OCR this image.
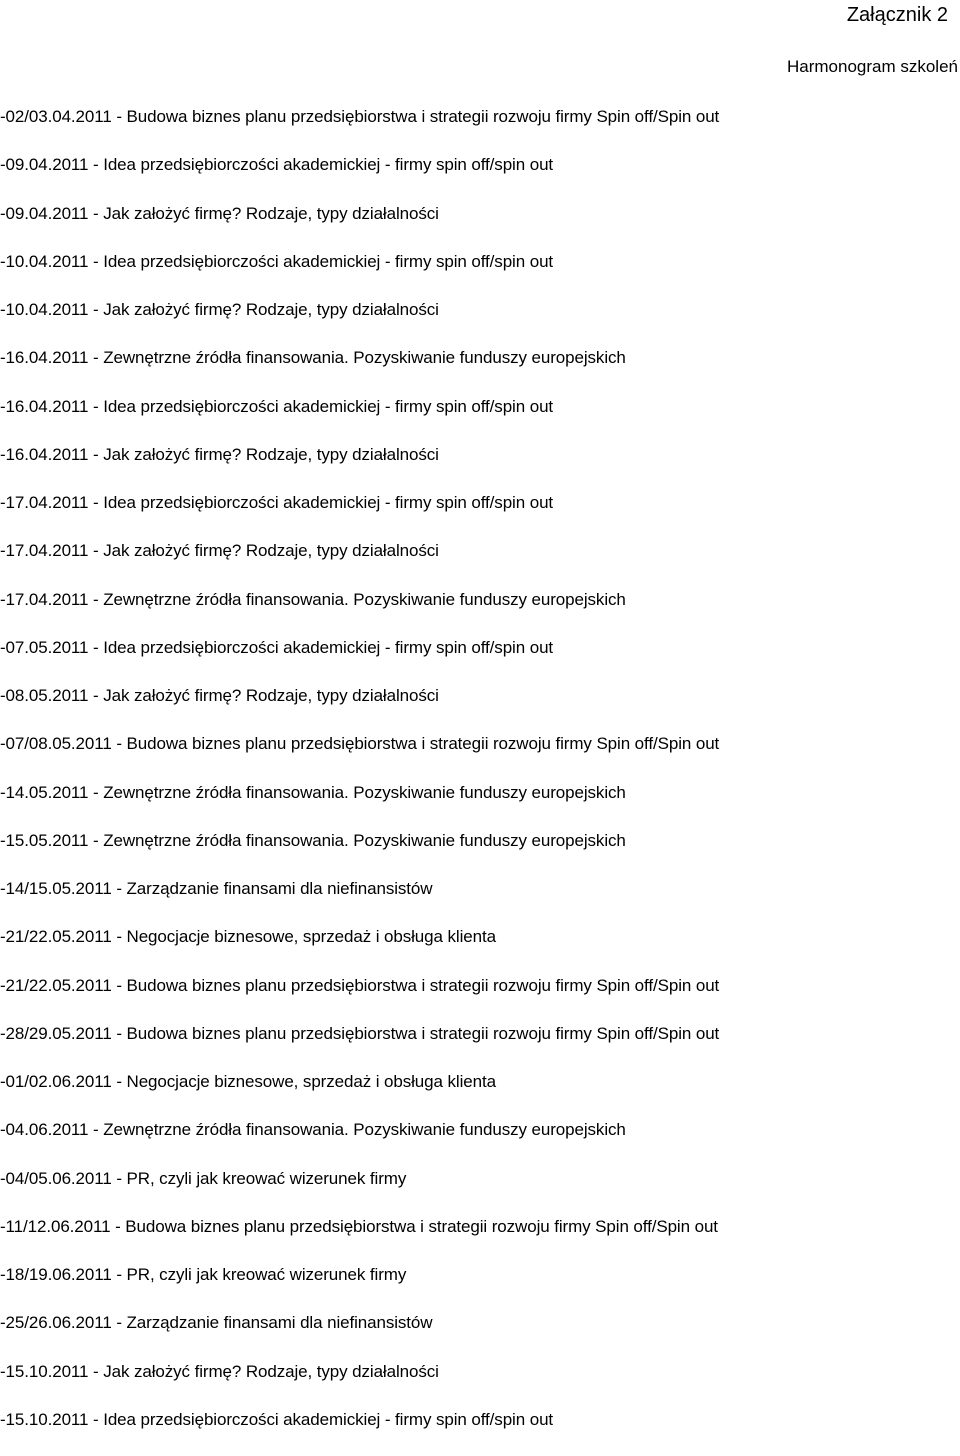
Załącznik 2
Harmonogram szkoleń
-02/03.04.2011 - Budowa biznes planu przedsiębiorstwa i strategii rozwoju firmy Spin off/Spin out
-09.04.2011 - Idea przedsiębiorczości akademickiej - firmy spin off/spin out
-09.04.2011 - Jak założyć firmę? Rodzaje, typy działalności
-10.04.2011 - Idea przedsiębiorczości akademickiej - firmy spin off/spin out
-10.04.2011 - Jak założyć firmę? Rodzaje, typy działalności
-16.04.2011 - Zewnętrzne źródła finansowania. Pozyskiwanie funduszy europejskich
-16.04.2011 - Idea przedsiębiorczości akademickiej - firmy spin off/spin out
-16.04.2011 - Jak założyć firmę? Rodzaje, typy działalności
-17.04.2011 - Idea przedsiębiorczości akademickiej - firmy spin off/spin out
-17.04.2011 - Jak założyć firmę? Rodzaje, typy działalności
-17.04.2011 - Zewnętrzne źródła finansowania. Pozyskiwanie funduszy europejskich
-07.05.2011 - Idea przedsiębiorczości akademickiej - firmy spin off/spin out
-08.05.2011 - Jak założyć firmę? Rodzaje, typy działalności
-07/08.05.2011 - Budowa biznes planu przedsiębiorstwa i strategii rozwoju firmy Spin off/Spin out
-14.05.2011 - Zewnętrzne źródła finansowania. Pozyskiwanie funduszy europejskich
-15.05.2011 - Zewnętrzne źródła finansowania. Pozyskiwanie funduszy europejskich
-14/15.05.2011 - Zarządzanie finansami dla niefinansistów
-21/22.05.2011 - Negocjacje biznesowe, sprzedaż i obsługa klienta
-21/22.05.2011 - Budowa biznes planu przedsiębiorstwa i strategii rozwoju firmy Spin off/Spin out
-28/29.05.2011 - Budowa biznes planu przedsiębiorstwa i strategii rozwoju firmy Spin off/Spin out
-01/02.06.2011 - Negocjacje biznesowe, sprzedaż i obsługa klienta
-04.06.2011 - Zewnętrzne źródła finansowania. Pozyskiwanie funduszy europejskich
-04/05.06.2011 - PR, czyli jak kreować wizerunek firmy
-11/12.06.2011 - Budowa biznes planu przedsiębiorstwa i strategii rozwoju firmy Spin off/Spin out
-18/19.06.2011 - PR, czyli jak kreować wizerunek firmy
-25/26.06.2011 - Zarządzanie finansami dla niefinansistów
-15.10.2011 - Jak założyć firmę? Rodzaje, typy działalności
-15.10.2011 - Idea przedsiębiorczości akademickiej - firmy spin off/spin out
